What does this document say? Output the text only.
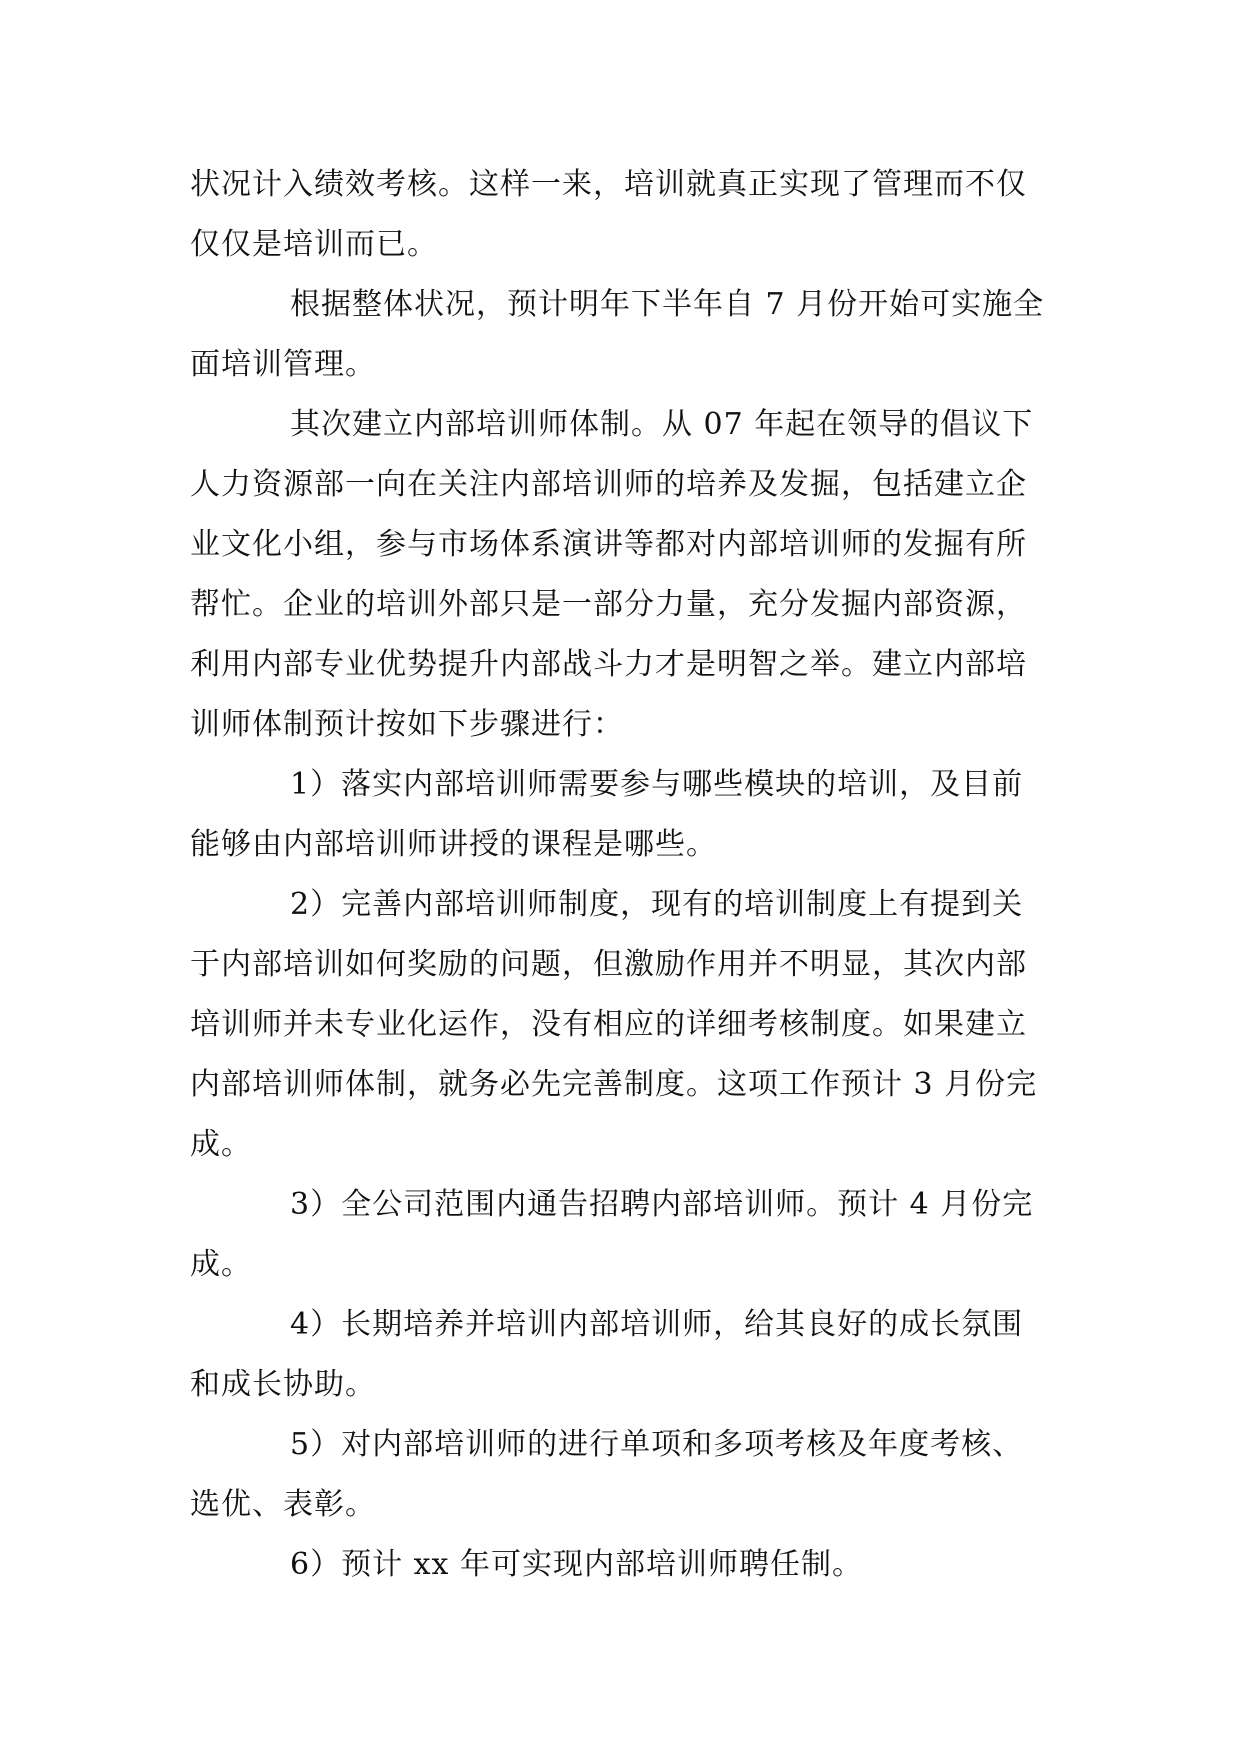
状况计入绩效考核。这样一来，培训就真正实现了管理而不仅仅仅是培训而已。

根据整体状况，预计明年下半年自 7 月份开始可实施全面培训管理。

其次建立内部培训师体制。从 07 年起在领导的倡议下人力资源部一向在关注内部培训师的培养及发掘，包括建立企业文化小组，参与市场体系演讲等都对内部培训师的发掘有所帮忙。企业的培训外部只是一部分力量，充分发掘内部资源，利用内部专业优势提升内部战斗力才是明智之举。建立内部培训师体制预计按如下步骤进行：

1）落实内部培训师需要参与哪些模块的培训，及目前能够由内部培训师讲授的课程是哪些。

2）完善内部培训师制度，现有的培训制度上有提到关于内部培训如何奖励的问题，但激励作用并不明显，其次内部培训师并未专业化运作，没有相应的详细考核制度。如果建立内部培训师体制，就务必先完善制度。这项工作预计 3 月份完成。

3）全公司范围内通告招聘内部培训师。预计 4 月份完成。

4）长期培养并培训内部培训师，给其良好的成长氛围和成长协助。

5）对内部培训师的进行单项和多项考核及年度考核、选优、表彰。

6）预计 xx 年可实现内部培训师聘任制。
